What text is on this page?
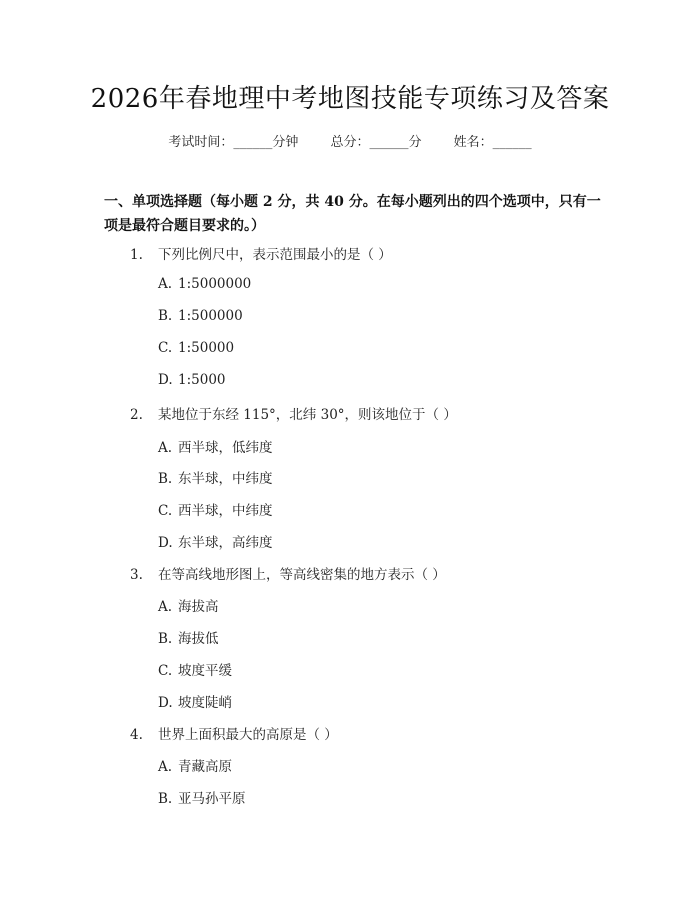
2026年春地理中考地图技能专项练习及答案
考试时间：______分钟 总分：______分 姓名：______
一、单项选择题（每小题 2 分，共 40 分。在每小题列出的四个选项中，只有一项是最符合题目要求的。）
1. 下列比例尺中，表示范围最小的是（ ）
A. 1:5000000
B. 1:500000
C. 1:50000
D. 1:5000
2. 某地位于东经 115°，北纬 30°，则该地位于（ ）
A. 西半球，低纬度
B. 东半球，中纬度
C. 西半球，中纬度
D. 东半球，高纬度
3. 在等高线地形图上，等高线密集的地方表示（ ）
A. 海拔高
B. 海拔低
C. 坡度平缓
D. 坡度陡峭
4. 世界上面积最大的高原是（ ）
A. 青藏高原
B. 亚马孙平原
